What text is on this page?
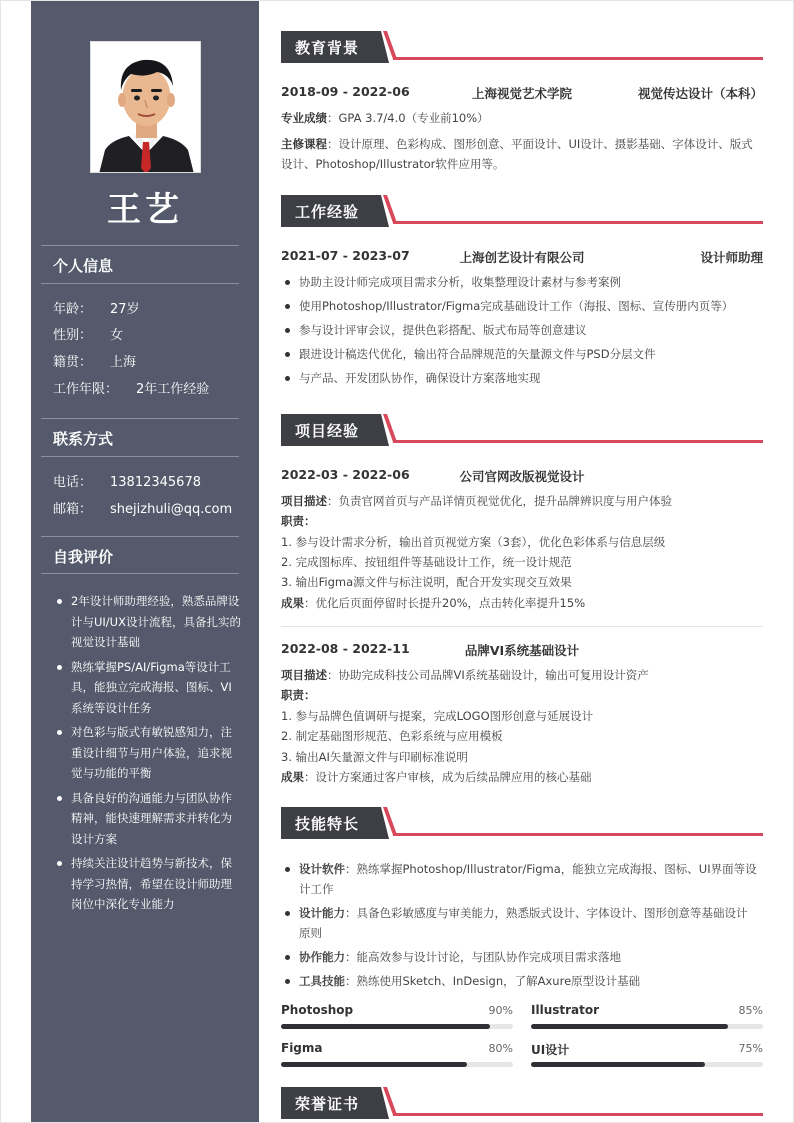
王艺
个人信息
年龄： 27岁
性别： 女
籍贯： 上海
工作年限： 2年工作经验
联系方式
电话： 13812345678
邮箱： shejizhuli@qq.com
自我评价
2年设计师助理经验，熟悉品牌设计与UI/UX设计流程，具备扎实的视觉设计基础
熟练掌握PS/AI/Figma等设计工具，能独立完成海报、图标、VI系统等设计任务
对色彩与版式有敏锐感知力，注重设计细节与用户体验，追求视觉与功能的平衡
具备良好的沟通能力与团队协作精神，能快速理解需求并转化为设计方案
持续关注设计趋势与新技术，保持学习热情，希望在设计师助理岗位中深化专业能力
教育背景
2018-09 - 2022-06	上海视觉艺术学院	视觉传达设计（本科）
专业成绩：GPA 3.7/4.0（专业前10%）
主修课程：设计原理、色彩构成、图形创意、平面设计、UI设计、摄影基础、字体设计、版式设计、Photoshop/Illustrator软件应用等。
工作经验
2021-07 - 2023-07	上海创艺设计有限公司	设计师助理
协助主设计师完成项目需求分析，收集整理设计素材与参考案例
使用Photoshop/Illustrator/Figma完成基础设计工作（海报、图标、宣传册内页等）
参与设计评审会议，提供色彩搭配、版式布局等创意建议
跟进设计稿迭代优化，输出符合品牌规范的矢量源文件与PSD分层文件
与产品、开发团队协作，确保设计方案落地实现
项目经验
2022-03 - 2022-06	公司官网改版视觉设计
项目描述：负责官网首页与产品详情页视觉优化，提升品牌辨识度与用户体验
职责：
1. 参与设计需求分析，输出首页视觉方案（3套），优化色彩体系与信息层级
2. 完成图标库、按钮组件等基础设计工作，统一设计规范
3. 输出Figma源文件与标注说明，配合开发实现交互效果
成果：优化后页面停留时长提升20%，点击转化率提升15%
2022-08 - 2022-11	品牌VI系统基础设计
项目描述：协助完成科技公司品牌VI系统基础设计，输出可复用设计资产
职责：
1. 参与品牌色值调研与提案，完成LOGO图形创意与延展设计
2. 制定基础图形规范、色彩系统与应用模板
3. 输出AI矢量源文件与印刷标准说明
成果：设计方案通过客户审核，成为后续品牌应用的核心基础
技能特长
设计软件：熟练掌握Photoshop/Illustrator/Figma，能独立完成海报、图标、UI界面等设计工作
设计能力：具备色彩敏感度与审美能力，熟悉版式设计、字体设计、图形创意等基础设计原则
协作能力：能高效参与设计讨论，与团队协作完成项目需求落地
工具技能：熟练使用Sketch、InDesign，了解Axure原型设计基础
Photoshop	90% Illustrator	85%
Figma	80% UI设计	75%
荣誉证书
